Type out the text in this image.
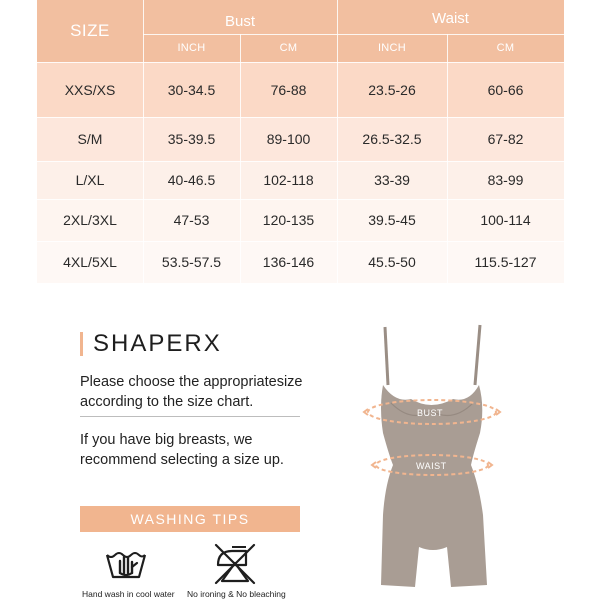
SIZE	Bust	Waist
INCH	CM	INCH	CM
XXS/XS	30-34.5	76-88	23.5-26	60-66
S/M	35-39.5	89-100	26.5-32.5	67-82
L/XL	40-46.5	102-118	33-39	83-99
2XL/3XL	47-53	120-135	39.5-45	100-114
4XL/5XL	53.5-57.5	136-146	45.5-50	115.5-127
SHAPERX
Please choose the appropriatesize according to the size chart.
If you have big breasts, we recommend selecting a size up.
WASHING TIPS
Hand wash in cool water No ironing & No bleaching
BUST
WAIST
